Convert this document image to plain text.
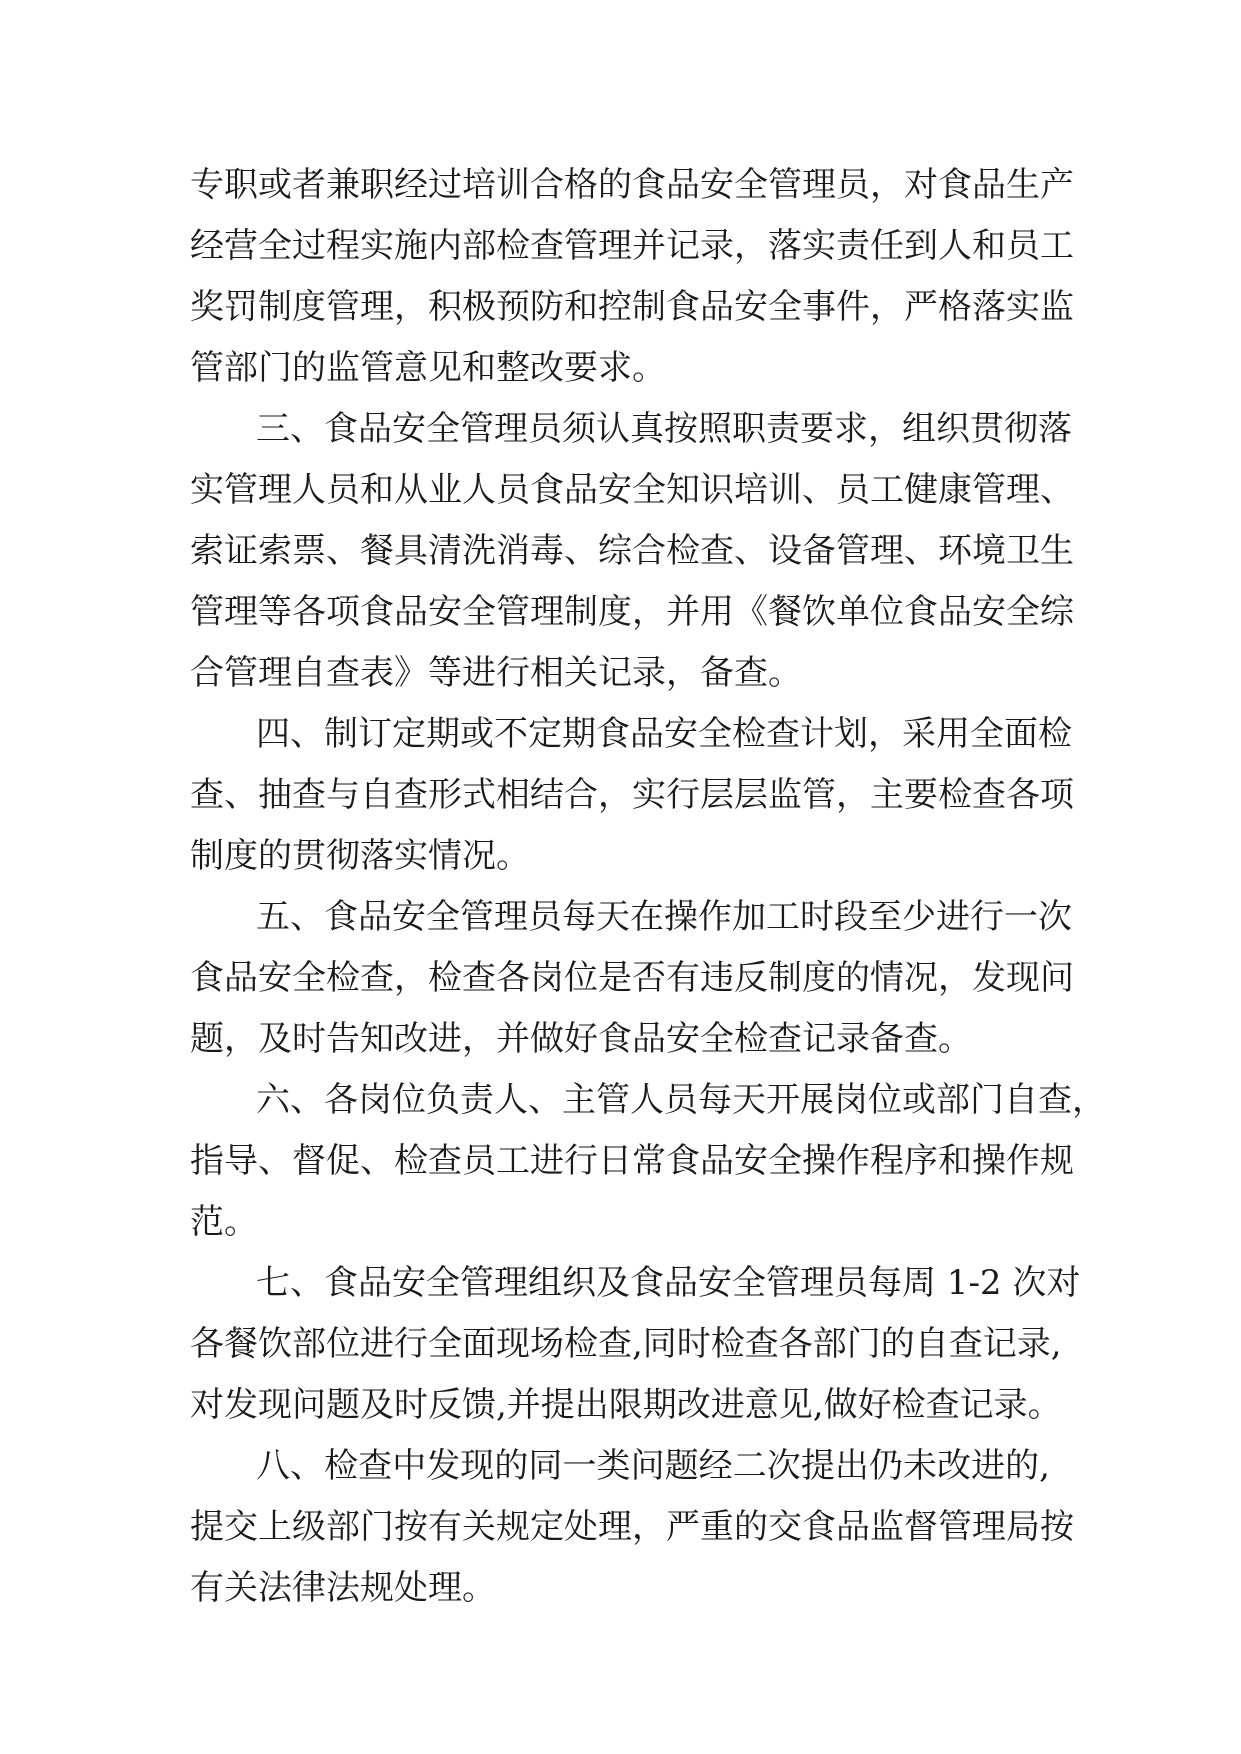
专职或者兼职经过培训合格的食品安全管理员，对食品生产
经营全过程实施内部检查管理并记录，落实责任到人和员工
奖罚制度管理，积极预防和控制食品安全事件，严格落实监
管部门的监管意见和整改要求。
三、食品安全管理员须认真按照职责要求，组织贯彻落
实管理人员和从业人员食品安全知识培训、员工健康管理、
索证索票、餐具清洗消毒、综合检查、设备管理、环境卫生
管理等各项食品安全管理制度，并用《餐饮单位食品安全综
合管理自查表》等进行相关记录，备查。
四、制订定期或不定期食品安全检查计划，采用全面检
查、抽查与自查形式相结合，实行层层监管，主要检查各项
制度的贯彻落实情况。
五、食品安全管理员每天在操作加工时段至少进行一次
食品安全检查，检查各岗位是否有违反制度的情况，发现问
题，及时告知改进，并做好食品安全检查记录备查。
六、各岗位负责人、主管人员每天开展岗位或部门自查，
指导、督促、检查员工进行日常食品安全操作程序和操作规
范。
七、食品安全管理组织及食品安全管理员每周 1-2 次对
各餐饮部位进行全面现场检查,同时检查各部门的自查记录,
对发现问题及时反馈,并提出限期改进意见,做好检查记录。
八、检查中发现的同一类问题经二次提出仍未改进的,
提交上级部门按有关规定处理，严重的交食品监督管理局按
有关法律法规处理。
